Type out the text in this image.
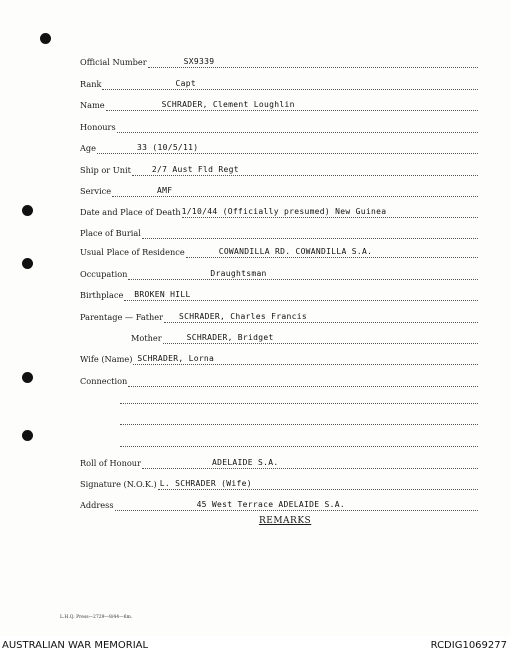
Official Number	SX9339
Rank	Capt
Name	SCHRADER, Clement Loughlin
Honours
Age	33 (10/5/11)
Ship or Unit	2/7 Aust Fld Regt
Service	AMF
Date and Place of Death 1/10/44 (Officially presumed) New Guinea
Place of Burial
Usual Place of Residence	COWANDILLA RD. COWANDILLA S.A.
Occupation	Draughtsman
Birthplace BROKEN HILL
Parentage — Father SCHRADER, Charles Francis
Mother	SCHRADER, Bridget
Wife (Name) SCHRADER, Lorna
Connection
Roll of Honour	ADELAIDE S.A.
Signature (N.O.K.) L. SCHRADER (Wife)
Address	45 West Terrace ADELAIDE S.A.
REMARKS
L.H.Q. Press—2729—8/44—6m.
AUSTRALIAN WAR MEMORIAL	RCDIG1069277
